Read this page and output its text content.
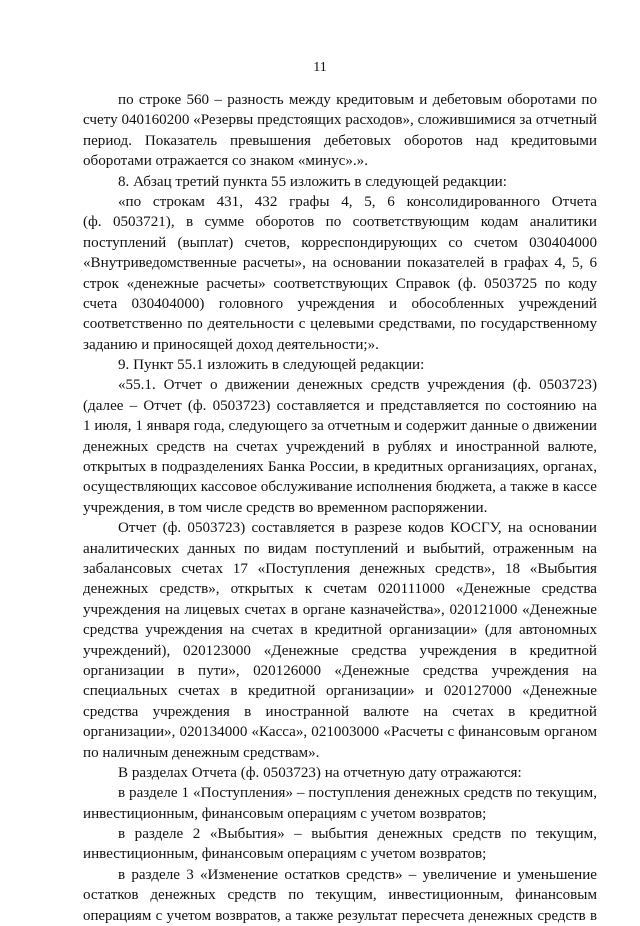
11
по строке 560 – разность между кредитовым и дебетовым оборотами по
счету 040160200 «Резервы предстоящих расходов», сложившимися за отчетный
период. Показатель превышения дебетовых оборотов над кредитовыми
оборотами отражается со знаком «минус».».
8. Абзац третий пункта 55 изложить в следующей редакции:
«по строкам 431, 432 графы 4, 5, 6 консолидированного Отчета
(ф. 0503721), в сумме оборотов по соответствующим кодам аналитики
поступлений (выплат) счетов, корреспондирующих со счетом 030404000
«Внутриведомственные расчеты», на основании показателей в графах 4, 5, 6
строк «денежные расчеты» соответствующих Справок (ф. 0503725 по коду
счета 030404000) головного учреждения и обособленных учреждений
соответственно по деятельности с целевыми средствами, по государственному
заданию и приносящей доход деятельности;».
9. Пункт 55.1 изложить в следующей редакции:
«55.1. Отчет о движении денежных средств учреждения (ф. 0503723)
(далее – Отчет (ф. 0503723) составляется и представляется по состоянию на
1 июля, 1 января года, следующего за отчетным и содержит данные о движении
денежных средств на счетах учреждений в рублях и иностранной валюте,
открытых в подразделениях Банка России, в кредитных организациях, органах,
осуществляющих кассовое обслуживание исполнения бюджета, а также в кассе
учреждения, в том числе средств во временном распоряжении.
Отчет (ф. 0503723) составляется в разрезе кодов КОСГУ, на основании
аналитических данных по видам поступлений и выбытий, отраженным на
забалансовых счетах 17 «Поступления денежных средств», 18 «Выбытия
денежных средств», открытых к счетам 020111000 «Денежные средства
учреждения на лицевых счетах в органе казначейства», 020121000 «Денежные
средства учреждения на счетах в кредитной организации» (для автономных
учреждений), 020123000 «Денежные средства учреждения в кредитной
организации в пути», 020126000 «Денежные средства учреждения на
специальных счетах в кредитной организации» и 020127000 «Денежные
средства учреждения в иностранной валюте на счетах в кредитной
организации», 020134000 «Касса», 021003000 «Расчеты с финансовым органом
по наличным денежным средствам».
В разделах Отчета (ф. 0503723) на отчетную дату отражаются:
в разделе 1 «Поступления» – поступления денежных средств по текущим,
инвестиционным, финансовым операциям с учетом возвратов;
в разделе 2 «Выбытия» – выбытия денежных средств по текущим,
инвестиционным, финансовым операциям с учетом возвратов;
в разделе 3 «Изменение остатков средств» – увеличение и уменьшение
остатков денежных средств по текущим, инвестиционным, финансовым
операциям с учетом возвратов, а также результат пересчета денежных средств в
